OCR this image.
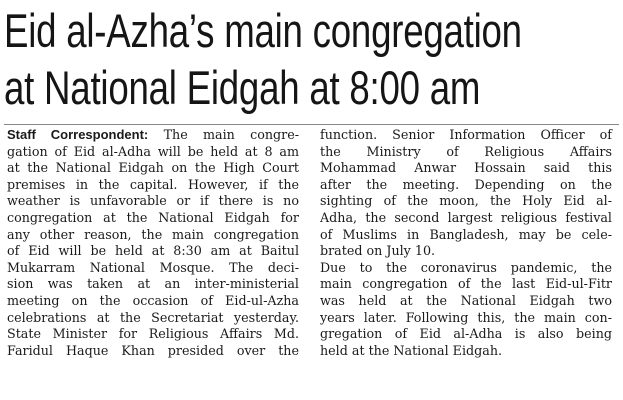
Eid al-Azha’s main congregation
at National Eidgah at 8:00 am
Staff Correspondent: The main congre-
gation of Eid al-Adha will be held at 8 am
at the National Eidgah on the High Court
premises in the capital. However, if the
weather is unfavorable or if there is no
congregation at the National Eidgah for
any other reason, the main congregation
of Eid will be held at 8:30 am at Baitul
Mukarram National Mosque. The deci-
sion was taken at an inter-ministerial
meeting on the occasion of Eid-ul-Azha
celebrations at the Secretariat yesterday.
State Minister for Religious Affairs Md.
Faridul Haque Khan presided over the
function. Senior Information Officer of
the    Ministry    of    Religious    Affairs
Mohammad Anwar Hossain said this
after the meeting. Depending on the
sighting of the moon, the Holy Eid al-
Adha, the second largest religious festival
of Muslims in Bangladesh, may be cele-
brated on July 10.
Due to the coronavirus pandemic, the
main congregation of the last Eid-ul-Fitr
was held at the National Eidgah two
years later. Following this, the main con-
gregation of Eid al-Adha is also being
held at the National Eidgah.
